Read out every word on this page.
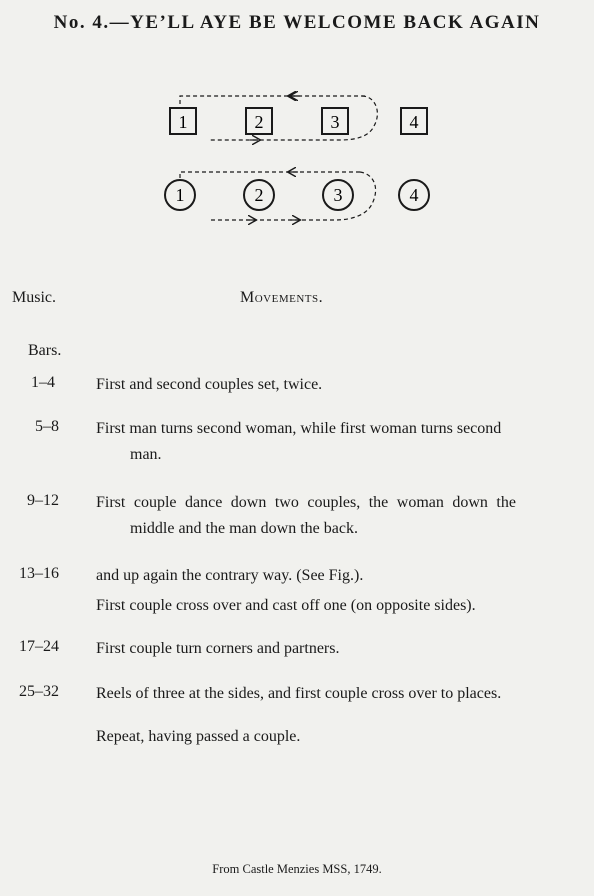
No. 4.—YE’LL AYE BE WELCOME BACK AGAIN
1	2	3	4
1	2	3	4
Music.	Movements.
Bars.
1–4	First and second couples set, twice.
5–8	First man turns second woman, while first woman turns second
man.
9–12	First couple dance down two couples, the woman down the
middle and the man down the back.
13–16	and up again the contrary way. (See Fig.).
First couple cross over and cast off one (on opposite sides).
17–24	First couple turn corners and partners.
25–32	Reels of three at the sides, and first couple cross over to places.
Repeat, having passed a couple.
From Castle Menzies MSS, 1749.
